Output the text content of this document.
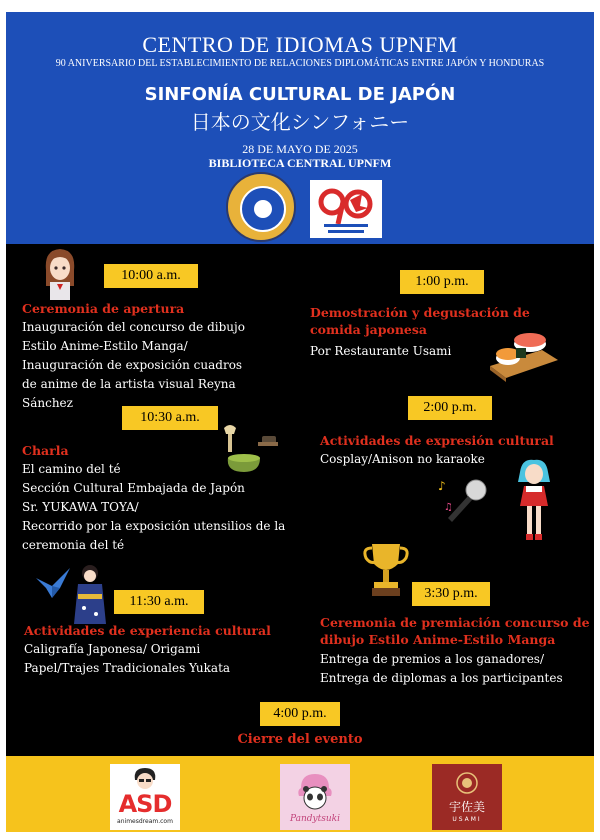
CENTRO DE IDIOMAS UPNFM
90 ANIVERSARIO DEL ESTABLECIMIENTO DE RELACIONES DIPLOMÁTICAS ENTRE JAPÓN Y HONDURAS
SINFONÍA CULTURAL DE JAPÓN
日本の文化シンフォニー
28 DE MAYO DE 2025
BIBLIOTECA CENTRAL UPNFM
10:00 a.m.
Ceremonia de apertura
Inauguración del concurso de dibujo
Estilo Anime-Estilo Manga/
Inauguración de exposición cuadros
de anime de la artista visual Reyna
Sánchez
1:00 p.m.
Demostración y degustación de
comida japonesa
Por Restaurante Usami
10:30 a.m.
Charla
El camino del té
Sección Cultural Embajada de Japón
Sr. YUKAWA TOYA/
Recorrido por la exposición utensilios de la
ceremonia del té
2:00 p.m.
Actividades de expresión cultural
Cosplay/Anison no karaoke
♪
♫
11:30 a.m.
Actividades de experiencia cultural
Caligrafía Japonesa/ Origami
Papel/Trajes Tradicionales Yukata
3:30 p.m.
Ceremonia de premiación concurso de
dibujo Estilo Anime-Estilo Manga
Entrega de premios a los ganadores/
Entrega de diplomas a los participantes
4:00 p.m.
Cierre del evento
ASD
animesdream.com	Pandytsuki
宇佐美
USAMI
